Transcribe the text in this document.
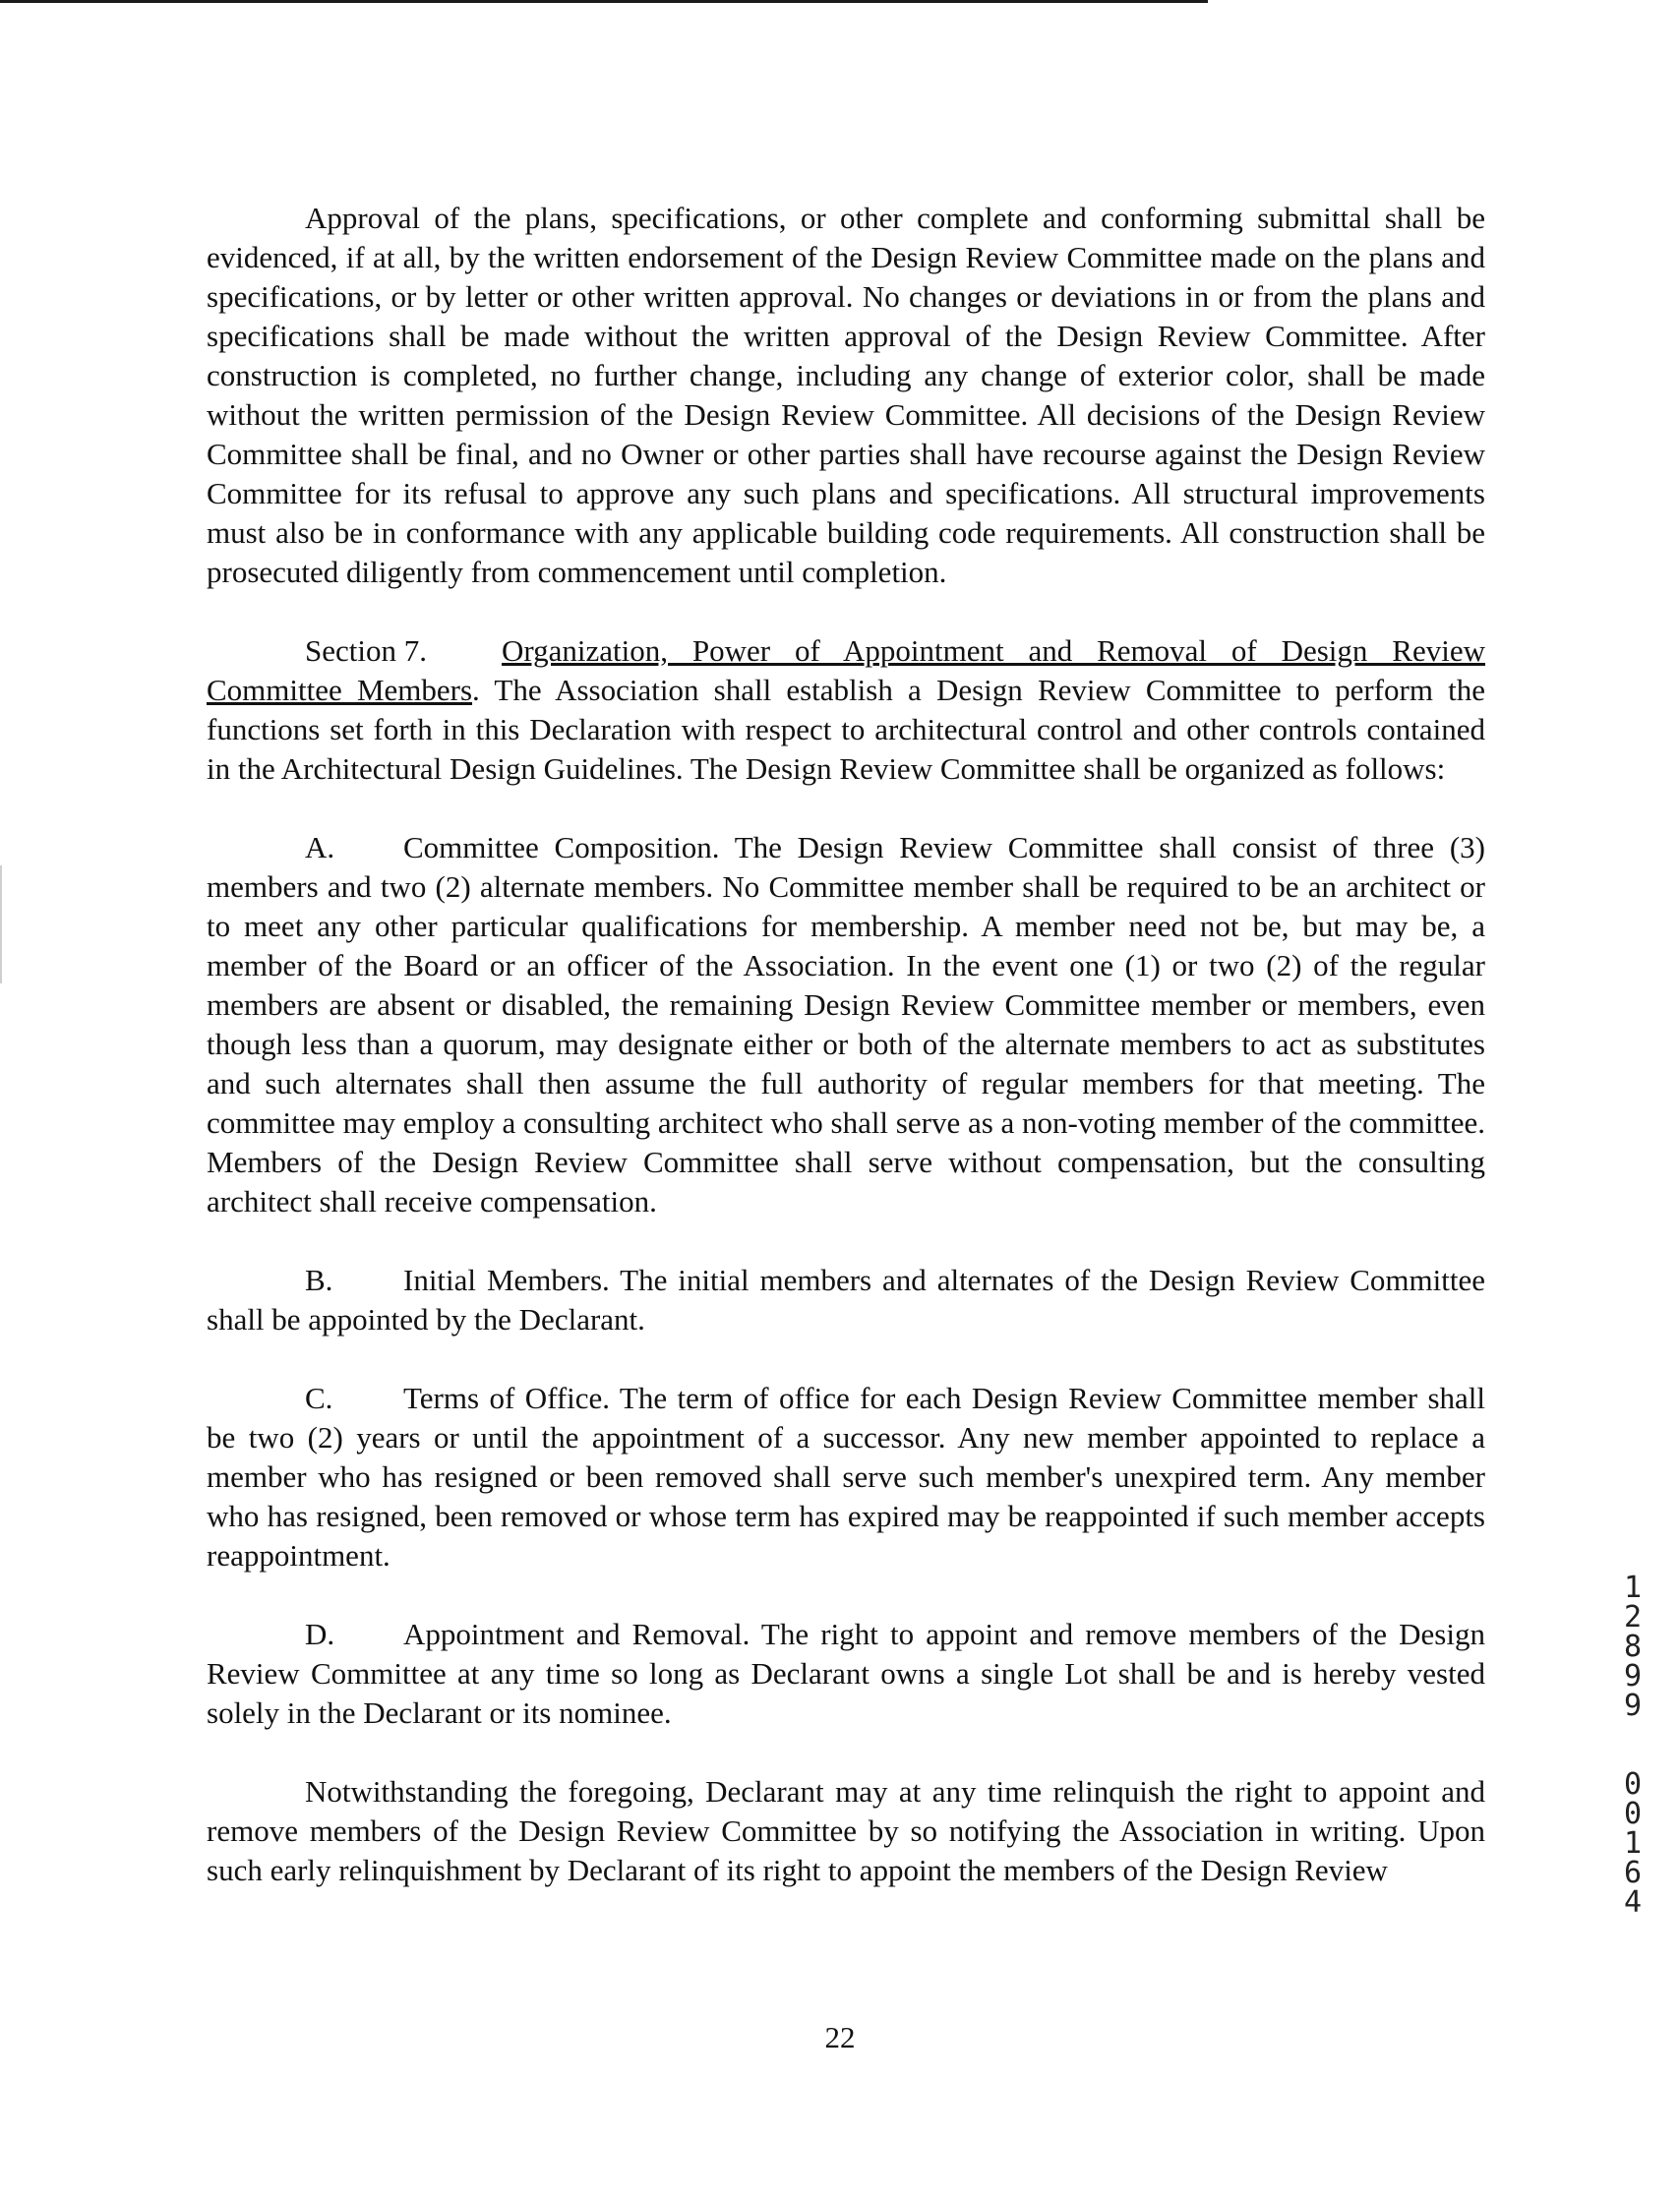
Approval of the plans, specifications, or other complete and conforming submittal shall be evidenced, if at all, by the written endorsement of the Design Review Committee made on the plans and specifications, or by letter or other written approval. No changes or deviations in or from the plans and specifications shall be made without the written approval of the Design Review Committee. After construction is completed, no further change, including any change of exterior color, shall be made without the written permission of the Design Review Committee. All decisions of the Design Review Committee shall be final, and no Owner or other parties shall have recourse against the Design Review Committee for its refusal to approve any such plans and specifications. All structural improvements must also be in conformance with any applicable building code requirements. All construction shall be prosecuted diligently from commencement until completion.

Section 7. Organization, Power of Appointment and Removal of Design Review Committee Members. The Association shall establish a Design Review Committee to perform the functions set forth in this Declaration with respect to architectural control and other controls contained in the Architectural Design Guidelines. The Design Review Committee shall be organized as follows:

A. Committee Composition. The Design Review Committee shall consist of three (3) members and two (2) alternate members. No Committee member shall be required to be an architect or to meet any other particular qualifications for membership. A member need not be, but may be, a member of the Board or an officer of the Association. In the event one (1) or two (2) of the regular members are absent or disabled, the remaining Design Review Committee member or members, even though less than a quorum, may designate either or both of the alternate members to act as substitutes and such alternates shall then assume the full authority of regular members for that meeting. The committee may employ a consulting architect who shall serve as a non-voting member of the committee. Members of the Design Review Committee shall serve without compensation, but the consulting architect shall receive compensation.

B. Initial Members. The initial members and alternates of the Design Review Committee shall be appointed by the Declarant.

C. Terms of Office. The term of office for each Design Review Committee member shall be two (2) years or until the appointment of a successor. Any new member appointed to replace a member who has resigned or been removed shall serve such member's unexpired term. Any member who has resigned, been removed or whose term has expired may be reappointed if such member accepts reappointment.

D. Appointment and Removal. The right to appoint and remove members of the Design Review Committee at any time so long as Declarant owns a single Lot shall be and is hereby vested solely in the Declarant or its nominee.

Notwithstanding the foregoing, Declarant may at any time relinquish the right to appoint and remove members of the Design Review Committee by so notifying the Association in writing. Upon such early relinquishment by Declarant of its right to appoint the members of the Design Review

22
1
2
8
9
9
0
0
1
6
4
